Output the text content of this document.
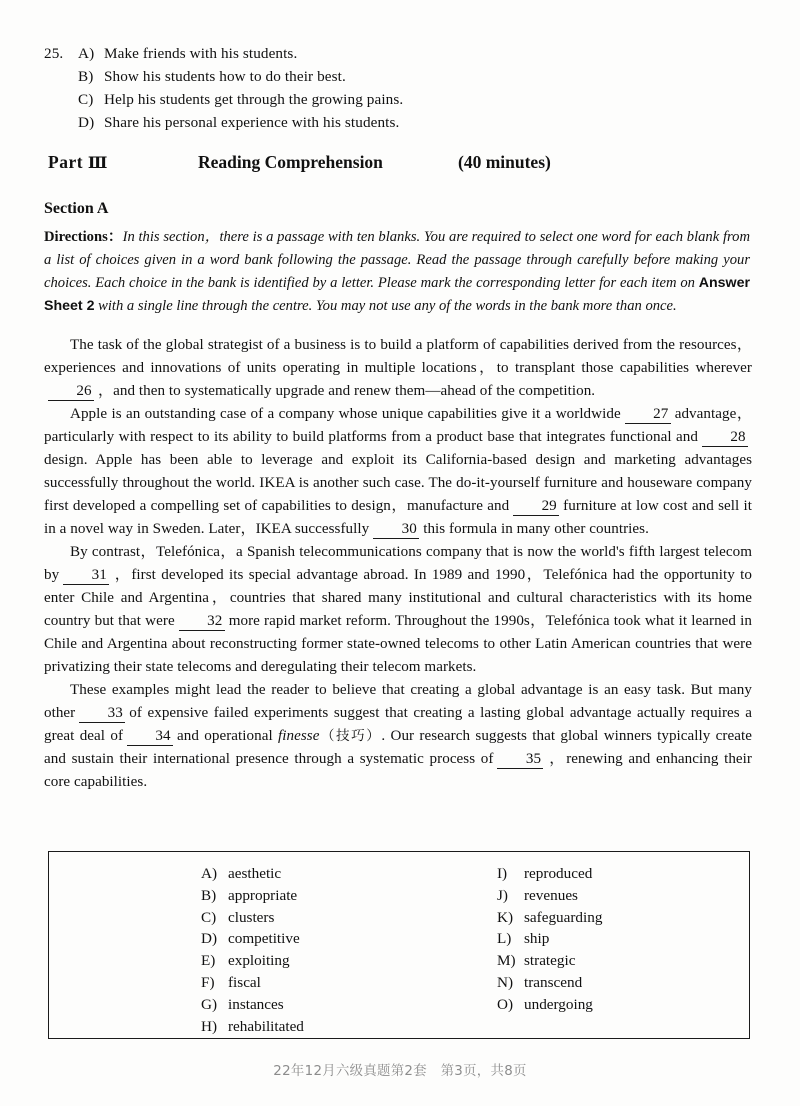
25. A) Make friends with his students.
B) Show his students how to do their best.
C) Help his students get through the growing pains.
D) Share his personal experience with his students.
Part Ⅲ	Reading Comprehension	(40 minutes)
Section A
Directions：In this section，there is a passage with ten blanks. You are required to select one word for each blank from a list of choices given in a word bank following the passage. Read the passage through carefully before making your choices. Each choice in the bank is identified by a letter. Please mark the corresponding letter for each item on Answer Sheet 2 with a single line through the centre. You may not use any of the words in the bank more than once.

The task of the global strategist of a business is to build a platform of capabilities derived from the resources，experiences and innovations of units operating in multiple locations，to transplant those capabilities wherever26 ，and then to systematically upgrade and renew them—ahead of the competition.

Apple is an outstanding case of a company whose unique capabilities give it a worldwide 27 advantage，particularly with respect to its ability to build platforms from a product base that integrates functional and 28design. Apple has been able to leverage and exploit its California-based design and marketing advantages successfully throughout the world. IKEA is another such case. The do-it-yourself furniture and houseware company first developed a compelling set of capabilities to design，manufacture and 29 furniture at low cost and sell it in a novel way in Sweden. Later，IKEA successfully 30 this formula in many other countries.

By contrast，Telefónica，a Spanish telecommunications company that is now the world's fifth largest telecom by 31 ，first developed its special advantage abroad. In 1989 and 1990，Telefónica had the opportunity to enter Chile and Argentina，countries that shared many institutional and cultural characteristics with its home country but that were 32 more rapid market reform. Throughout the 1990s，Telefónica took what it learned in Chile and Argentina about reconstructing former state-owned telecoms to other Latin American countries that were privatizing their state telecoms and deregulating their telecom markets.

These examples might lead the reader to believe that creating a global advantage is an easy task. But many other 33 of expensive failed experiments suggest that creating a lasting global advantage actually requires a great deal of 34 and operational finesse（技巧）. Our research suggests that global winners typically create and sustain their international presence through a systematic process of 35 ，renewing and enhancing their core capabilities.

A) aesthetic
B) appropriate
C) clusters
D) competitive
E) exploiting
F) fiscal
G) instances
H) rehabilitated
I)	reproduced
J)	revenues
K) safeguarding
L) ship
M) strategic
N) transcend
O) undergoing
22年12月六级真题第2套　第3页，共8页
